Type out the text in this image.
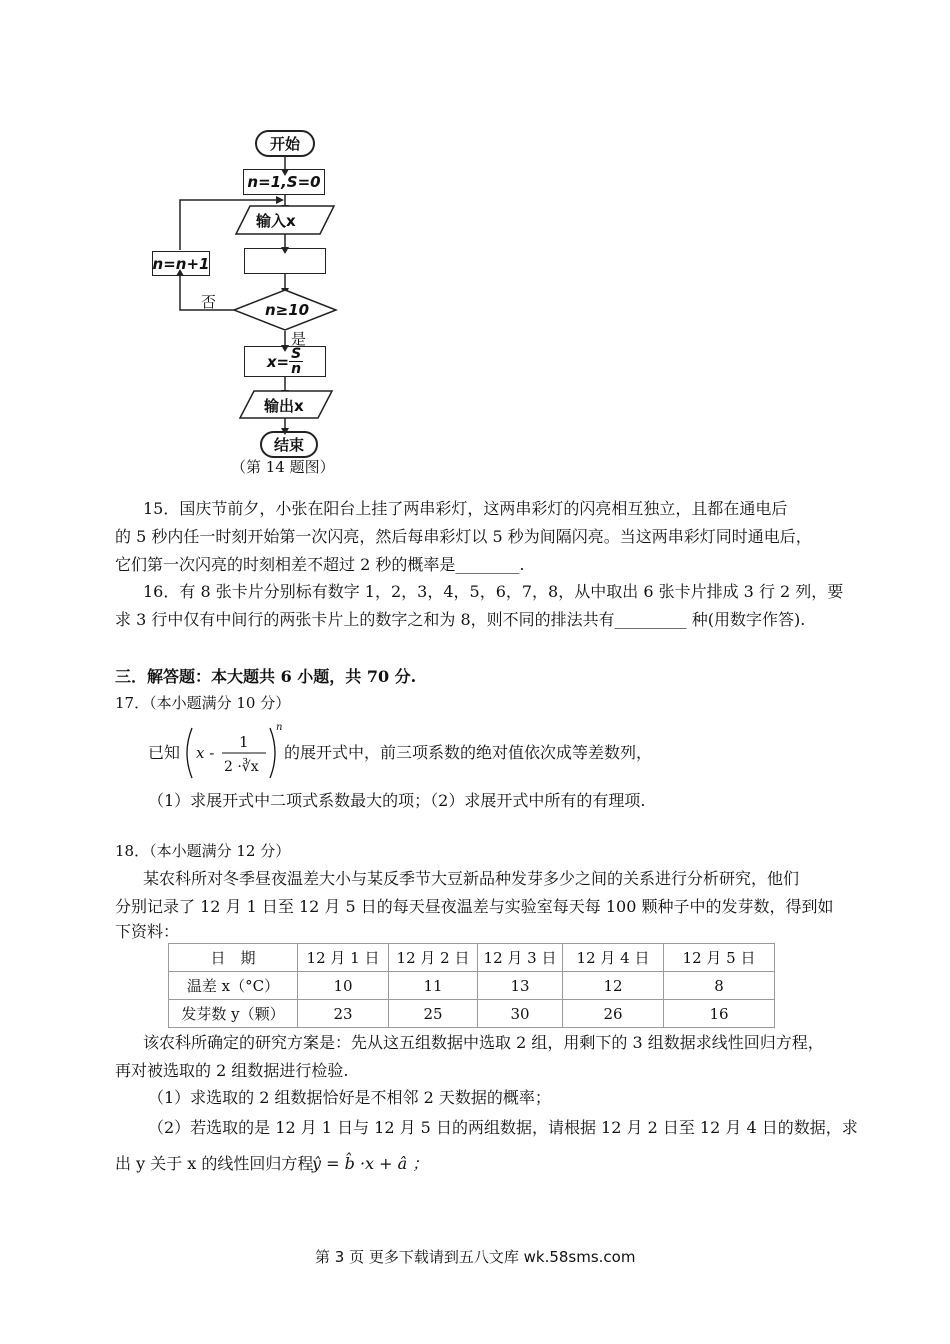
开始
n=1,S=0
输入x
n=n+1
否	n≥10
是
$x= \frac{S}{n}$
输出x
结束
（第 14 题图）
15．国庆节前夕，小张在阳台上挂了两串彩灯，这两串彩灯的闪亮相互独立，且都在通电后
的 5 秒内任一时刻开始第一次闪亮，然后每串彩灯以 5 秒为间隔闪亮。当这两串彩灯同时通电后，
它们第一次闪亮的时刻相差不超过 2 秒的概率是________.
16．有 8 张卡片分别标有数字 1，2，3，4，5，6，7，8，从中取出 6 张卡片排成 3 行 2 列，要
求 3 行中仅有中间行的两张卡片上的数字之和为 8，则不同的排法共有_________ 种(用数字作答).
三．解答题：本大题共 6 小题，共 70 分.
17．（本小题满分 10 分）
已知 x -
1
2 ·∛x
n
的展开式中，前三项系数的绝对值依次成等差数列，
（1）求展开式中二项式系数最大的项；（2）求展开式中所有的有理项.
18．（本小题满分 12 分）
某农科所对冬季昼夜温差大小与某反季节大豆新品种发芽多少之间的关系进行分析研究，他们
分别记录了 12 月 1 日至 12 月 5 日的每天昼夜温差与实验室每天每 100 颗种子中的发芽数，得到如
下资料：
日　期	12 月 1 日	12 月 2 日	12 月 3 日	12 月 4 日	12 月 5 日
温差 x（°C）	10	11	13	12	8
发芽数 y（颗）	23	25	30	26	16
该农科所确定的研究方案是：先从这五组数据中选取 2 组，用剩下的 3 组数据求线性回归方程，
再对被选取的 2 组数据进行检验.
（1）求选取的 2 组数据恰好是不相邻 2 天数据的概率；
（2）若选取的是 12 月 1 日与 12 月 5 日的两组数据，请根据 12 月 2 日至 12 月 4 日的数据，求
出 y 关于 x 的线性回归方程
ŷ = b̂ ·x + â ；
第 3 页 更多下载请到五八文库 wk.58sms.com
